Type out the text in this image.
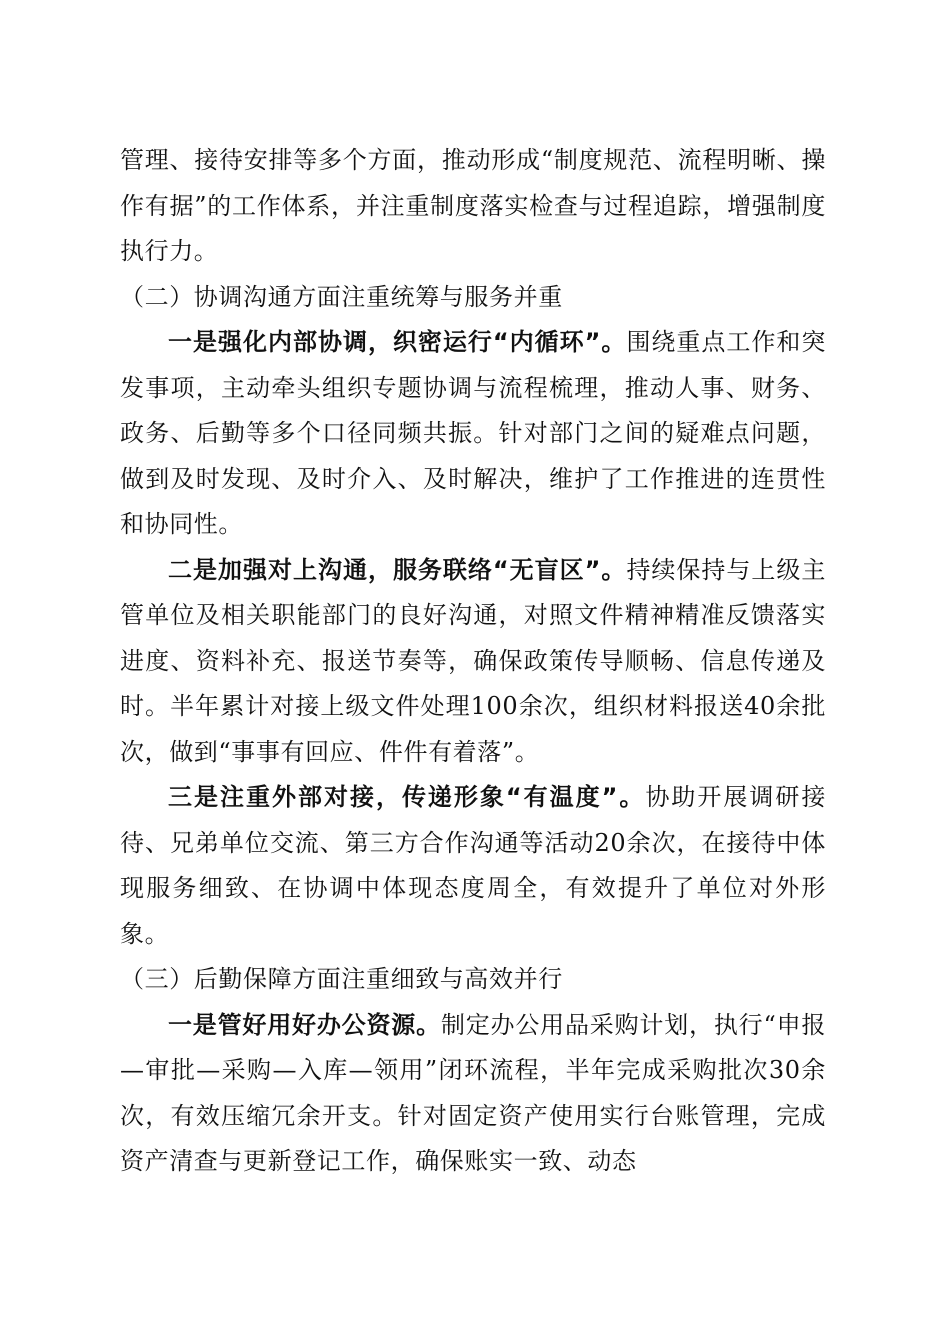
管理、接待安排等多个方面，推动形成“制度规范、流程明晰、操作有据”的工作体系，并注重制度落实检查与过程追踪，增强制度执行力。

（二）协调沟通方面注重统筹与服务并重

一是强化内部协调，织密运行“内循环”。围绕重点工作和突发事项，主动牵头组织专题协调与流程梳理，推动人事、财务、政务、后勤等多个口径同频共振。针对部门之间的疑难点问题，做到及时发现、及时介入、及时解决，维护了工作推进的连贯性和协同性。

二是加强对上沟通，服务联络“无盲区”。持续保持与上级主管单位及相关职能部门的良好沟通，对照文件精神精准反馈落实进度、资料补充、报送节奏等，确保政策传导顺畅、信息传递及时。半年累计对接上级文件处理100余次，组织材料报送40余批次，做到“事事有回应、件件有着落”。

三是注重外部对接，传递形象“有温度”。协助开展调研接待、兄弟单位交流、第三方合作沟通等活动20余次，在接待中体现服务细致、在协调中体现态度周全，有效提升了单位对外形象。

（三）后勤保障方面注重细致与高效并行

一是管好用好办公资源。制定办公用品采购计划，执行“申报—审批—采购—入库—领用”闭环流程，半年完成采购批次30余次，有效压缩冗余开支。针对固定资产使用实行台账管理，完成资产清查与更新登记工作，确保账实一致、动态
